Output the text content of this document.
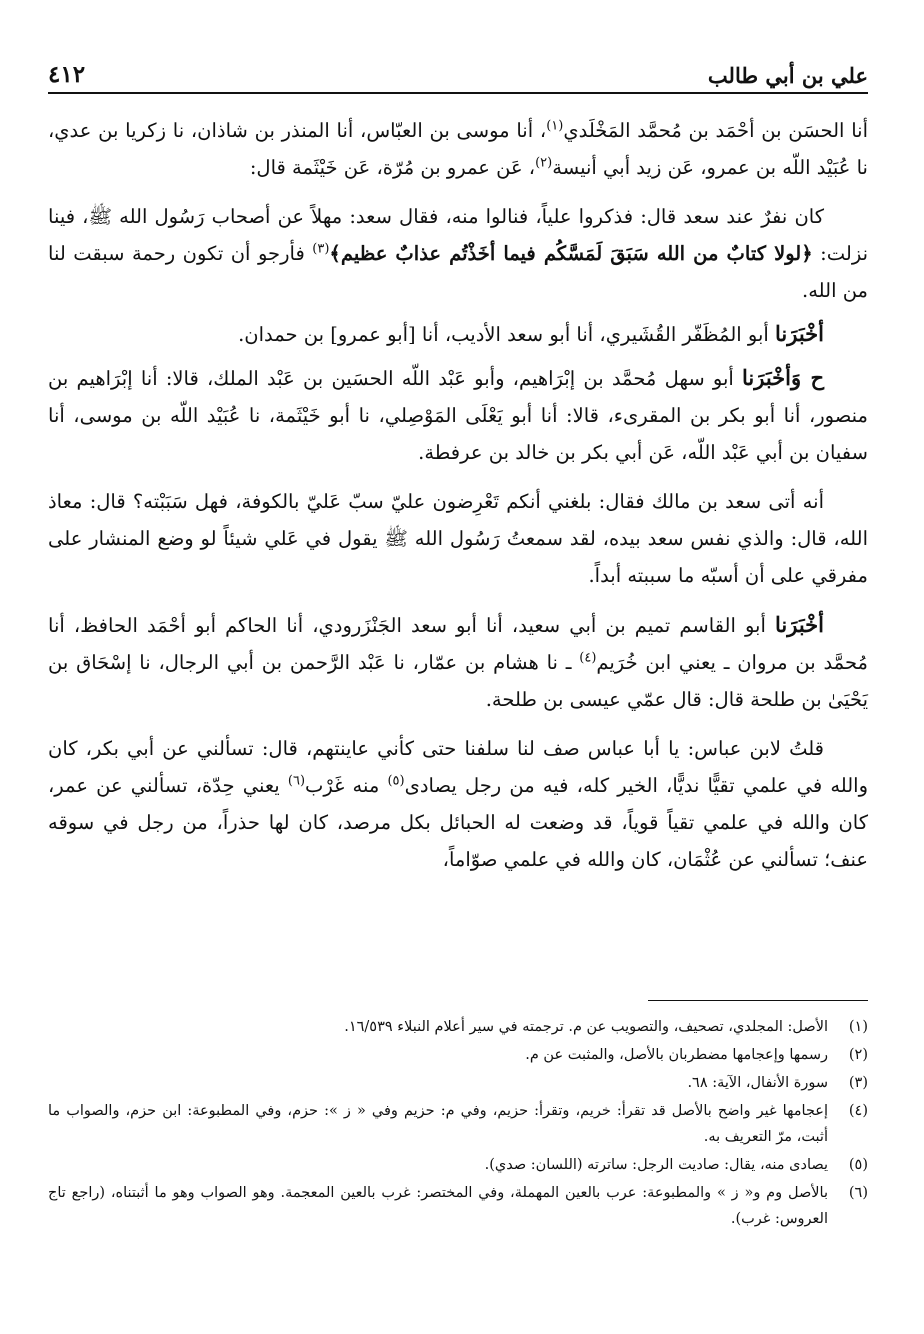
علي بن أبي طالب
٤١٢

أنا الحسَن بن أحْمَد بن مُحمَّد المَخْلَدي$^{(١)}$، أنا موسى بن العبّاس، أنا المنذر بن شاذان، نا زكريا بن عدي، نا عُبَيْد اللّه بن عمرو، عَن زيد أبي أنيسة$^{(٢)}$، عَن عمرو بن مُرّة، عَن خَيْثَمة قال:

كان نفرٌ عند سعد قال: فذكروا علياً، فنالوا منه، فقال سعد: مهلاً عن أصحاب رَسُول الله ﷺ، فينا نزلت: ﴿لولا كتابٌ من الله سَبَقَ لَمَسَّكُم فيما أخَذْتُم عذابٌ عظيم﴾$^{(٣)}$ فأرجو أن تكون رحمة سبقت لنا من الله.

أخْبَرَنا أبو المُظَفّر القُشَيري، أنا أبو سعد الأديب، أنا [أبو عمرو] بن حمدان.

ح وَأخْبَرَنا أبو سهل مُحمَّد بن إبْرَاهيم، وأبو عَبْد اللّه الحسَين بن عَبْد الملك، قالا: أنا إبْرَاهيم بن منصور، أنا أبو بكر بن المقرىء، قالا: أنا أبو يَعْلَى المَوْصِلي، نا أبو خَيْثَمة، نا عُبَيْد اللّه بن موسى، أنا سفيان بن أبي عَبْد اللّه، عَن أبي بكر بن خالد بن عرفطة.

أنه أتى سعد بن مالك فقال: بلغني أنكم تَعْرِضون عليّ سبّ عَليّ بالكوفة، فهل سَبَبْته؟ قال: معاذ الله، قال: والذي نفس سعد بيده، لقد سمعتُ رَسُول الله ﷺ يقول في عَلي شيئاً لو وضع المنشار على مفرقي على أن أسبّه ما سببته أبداً.

أخْبَرَنا أبو القاسم تميم بن أبي سعيد، أنا أبو سعد الجَنْزَرودي، أنا الحاكم أبو أحْمَد الحافظ، أنا مُحمَّد بن مروان ـ يعني ابن خُرَيم$^{(٤)}$ ـ نا هشام بن عمّار، نا عَبْد الرَّحمن بن أبي الرجال، نا إسْحَاق بن يَحْيَىٰ بن طلحة قال: قال عمّي عيسى بن طلحة.

قلتُ لابن عباس: يا أبا عباس صف لنا سلفنا حتى كأني عاينتهم، قال: تسألني عن أبي بكر، كان والله في علمي تقيًّا نديًّا، الخير كله، فيه من رجل يصادى$^{(٥)}$ منه غَرْب$^{(٦)}$ يعني حِدّة، تسألني عن عمر، كان والله في علمي تقياً قوياً، قد وضعت له الحبائل بكل مرصد، كان لها حذراً، من رجل في سوقه عنف؛ تسألني عن عُثْمَان، كان والله في علمي صوّاماً،

(١)
الأصل: المجلدي، تصحيف، والتصويب عن م. ترجمته في سير أعلام النبلاء ١٦/٥٣٩.
(٢)
رسمها وإعجامها مضطربان بالأصل، والمثبت عن م.
(٣)
سورة الأنفال، الآية: ٦٨.
(٤)
إعجامها غير واضح بالأصل قد تقرأ: خريم، وتقرأ: حزيم، وفي م: حزيم وفي « ز »: حزم، وفي المطبوعة: ابن حزم، والصواب ما أثبت، مرّ التعريف به.
(٥)
يصادى منه، يقال: صاديت الرجل: ساترته (اللسان: صدي).
(٦)
بالأصل وم و« ز » والمطبوعة: عرب بالعين المهملة، وفي المختصر: غرب بالعين المعجمة. وهو الصواب وهو ما أثبتناه، (راجع تاج العروس: غرب).
